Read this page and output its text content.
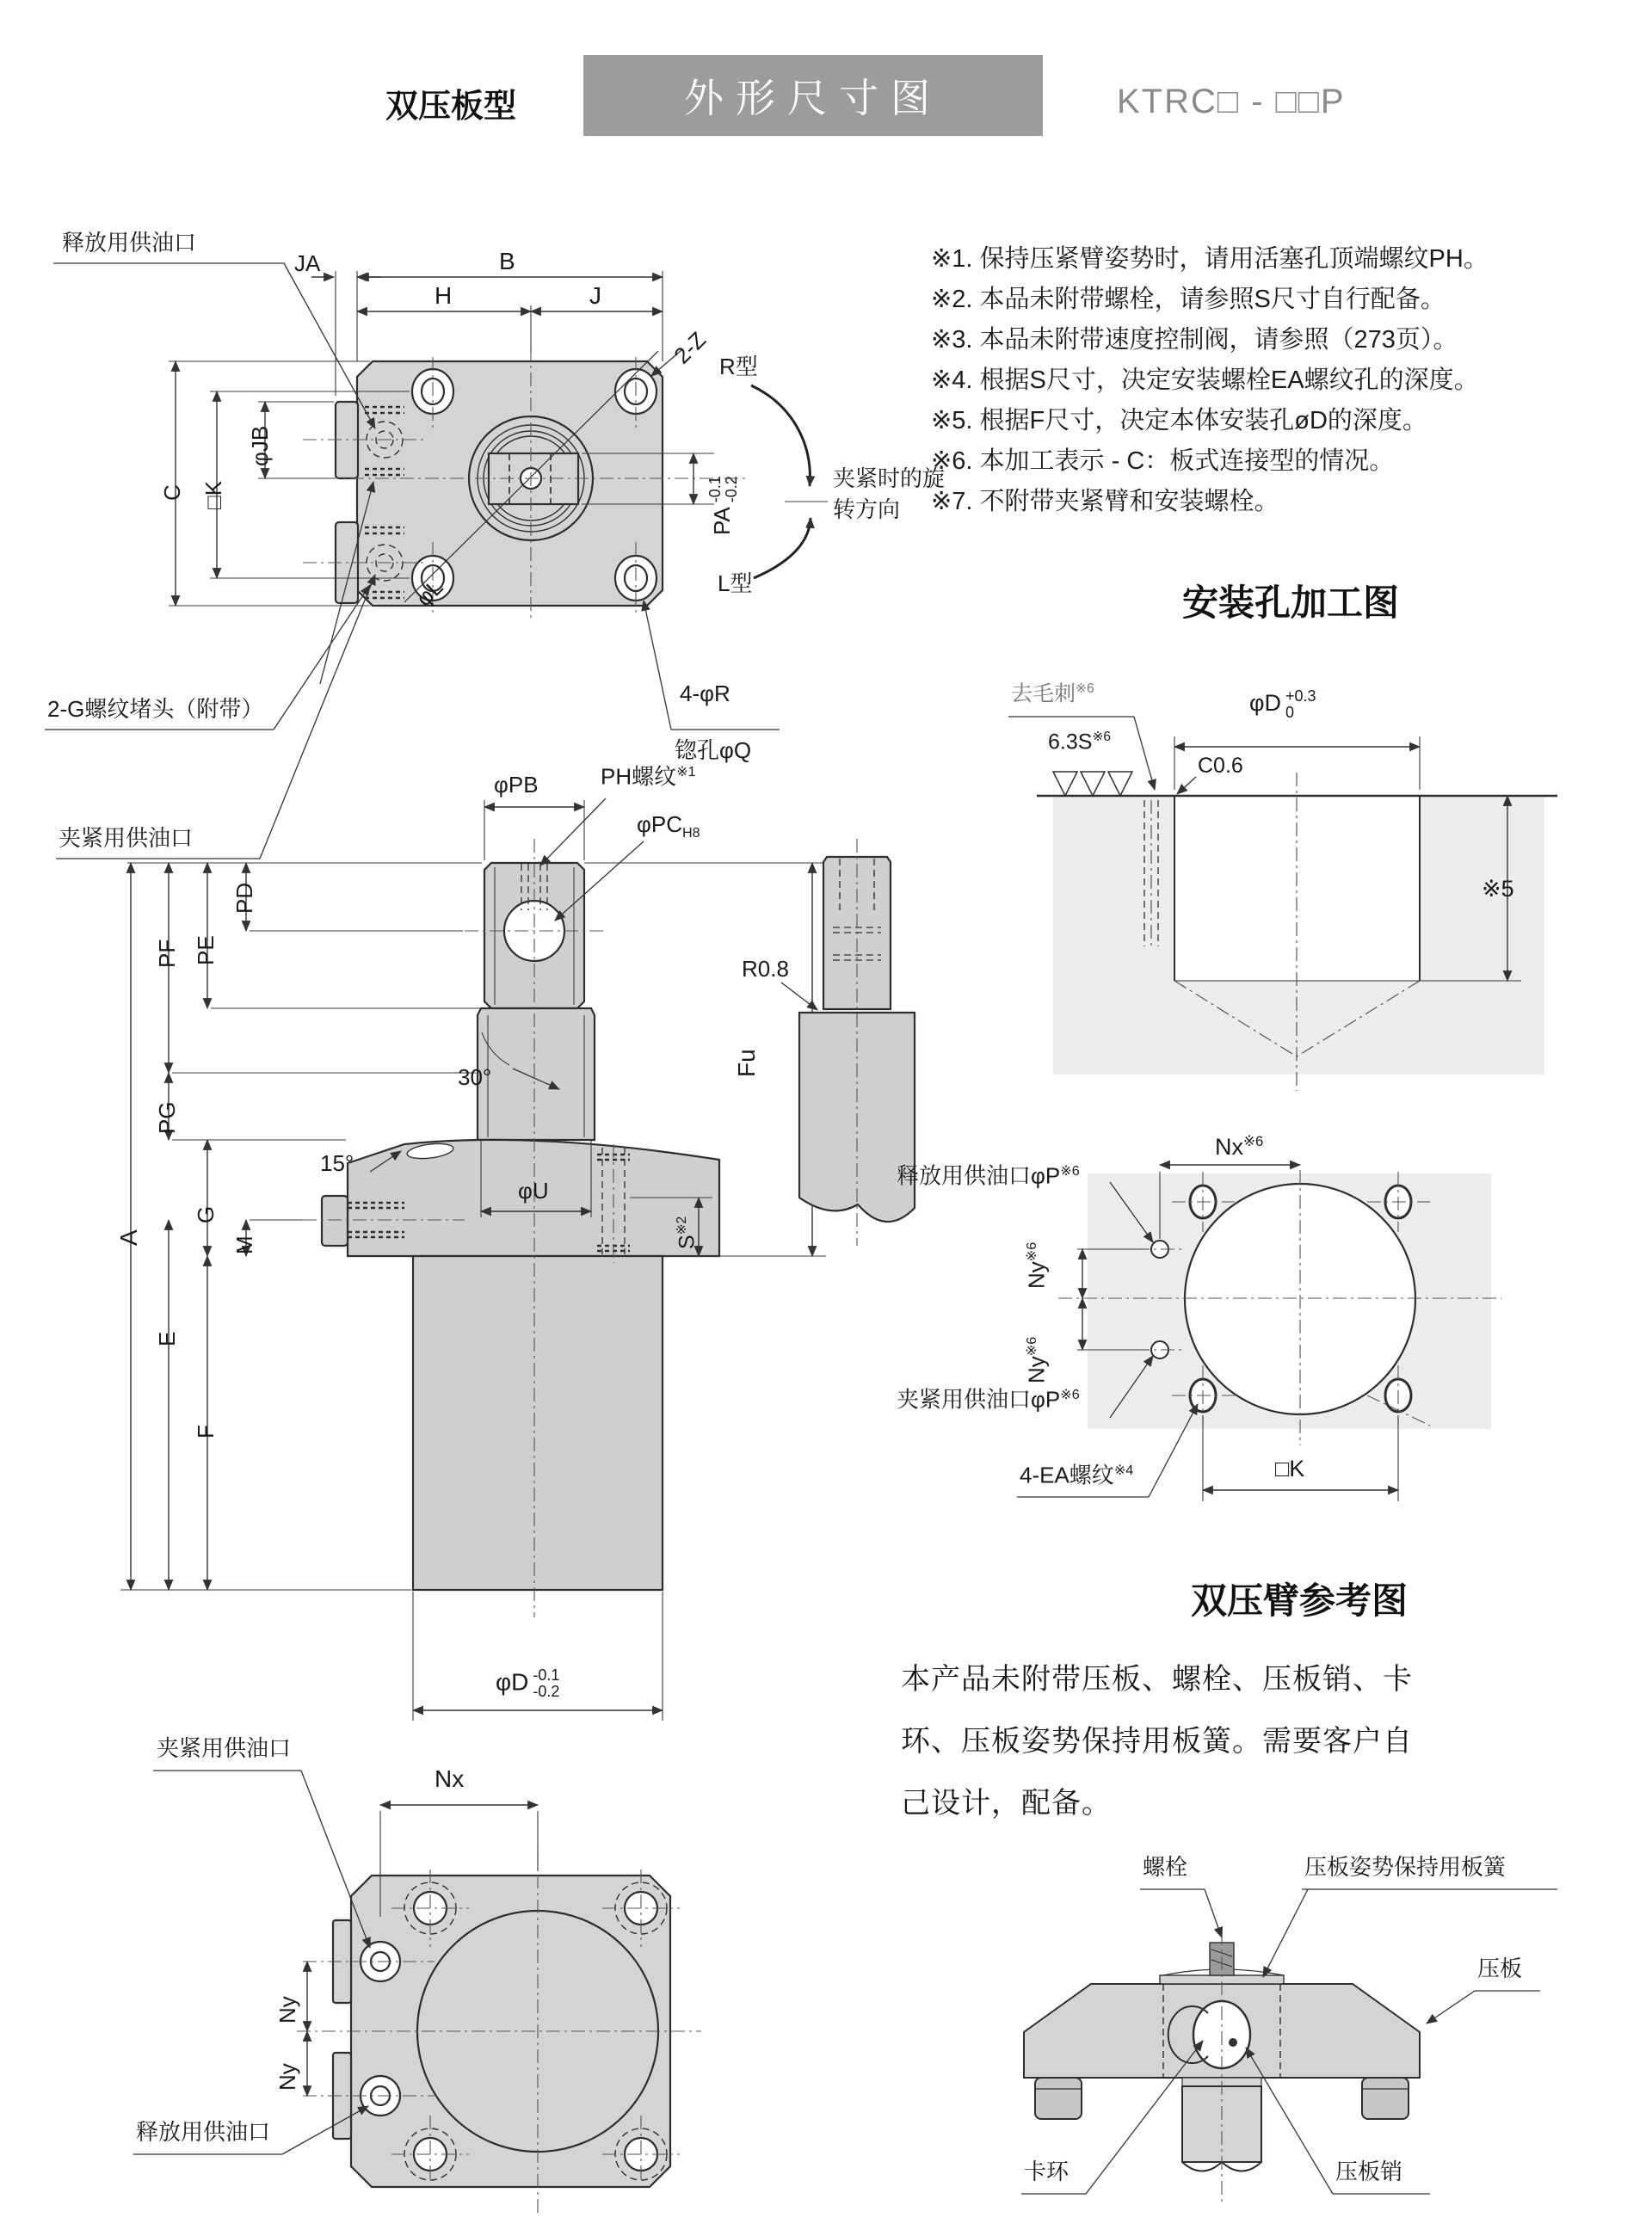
双压板型	外形尺寸图	KTRC□ - □□P
※1. 保持压紧臂姿势时，请用活塞孔顶端螺纹PH。
※2. 本品未附带螺栓，请参照S尺寸自行配备。
※3. 本品未附带速度控制阀，请参照（273页）。
※4. 根据S尺寸，决定安装螺栓EA螺纹孔的深度。
※5. 根据F尺寸，决定本体安装孔øD的深度。
※6. 本加工表示 - C：板式连接型的情况。
※7. 不附带夹紧臂和安装螺栓。
释放用供油口
JA	B
H	J
2-Z R型
L型
夹紧时的旋转方向
PA
-0.1 -0.2
C □K
φJB
φL
2-G螺纹堵头（附带）
夹紧用供油口
4-φR
锪孔φQ
φPB	PH螺纹$^{※1}$
φPC$_{H8}$
PD
PE
PF
PG
A
G
M
E
F
30°
15°
φU
Fu
$S^{※2}$
R0.8
φD -0.1
-0.2
Nx
Ny
Ny
夹紧用供油口
释放用供油口
安装孔加工图
去毛刺$^{※6}$
$6.3S^{※6}$
φD +0.3
0
C0.6
※5
释放用供油口$\varphi P^{※6}$
Nx$^{※6}$
Ny$^{※6}$
Ny$^{※6}$
夹紧用供油口$\varphi P^{※6}$
4-EA螺纹$^{※4}$	□K
双压臂参考图
本产品未附带压板、螺栓、压板销、卡
环、压板姿势保持用板簧。需要客户自
己设计，配备。
螺栓	压板姿势保持用板簧
压板
卡环	压板销
